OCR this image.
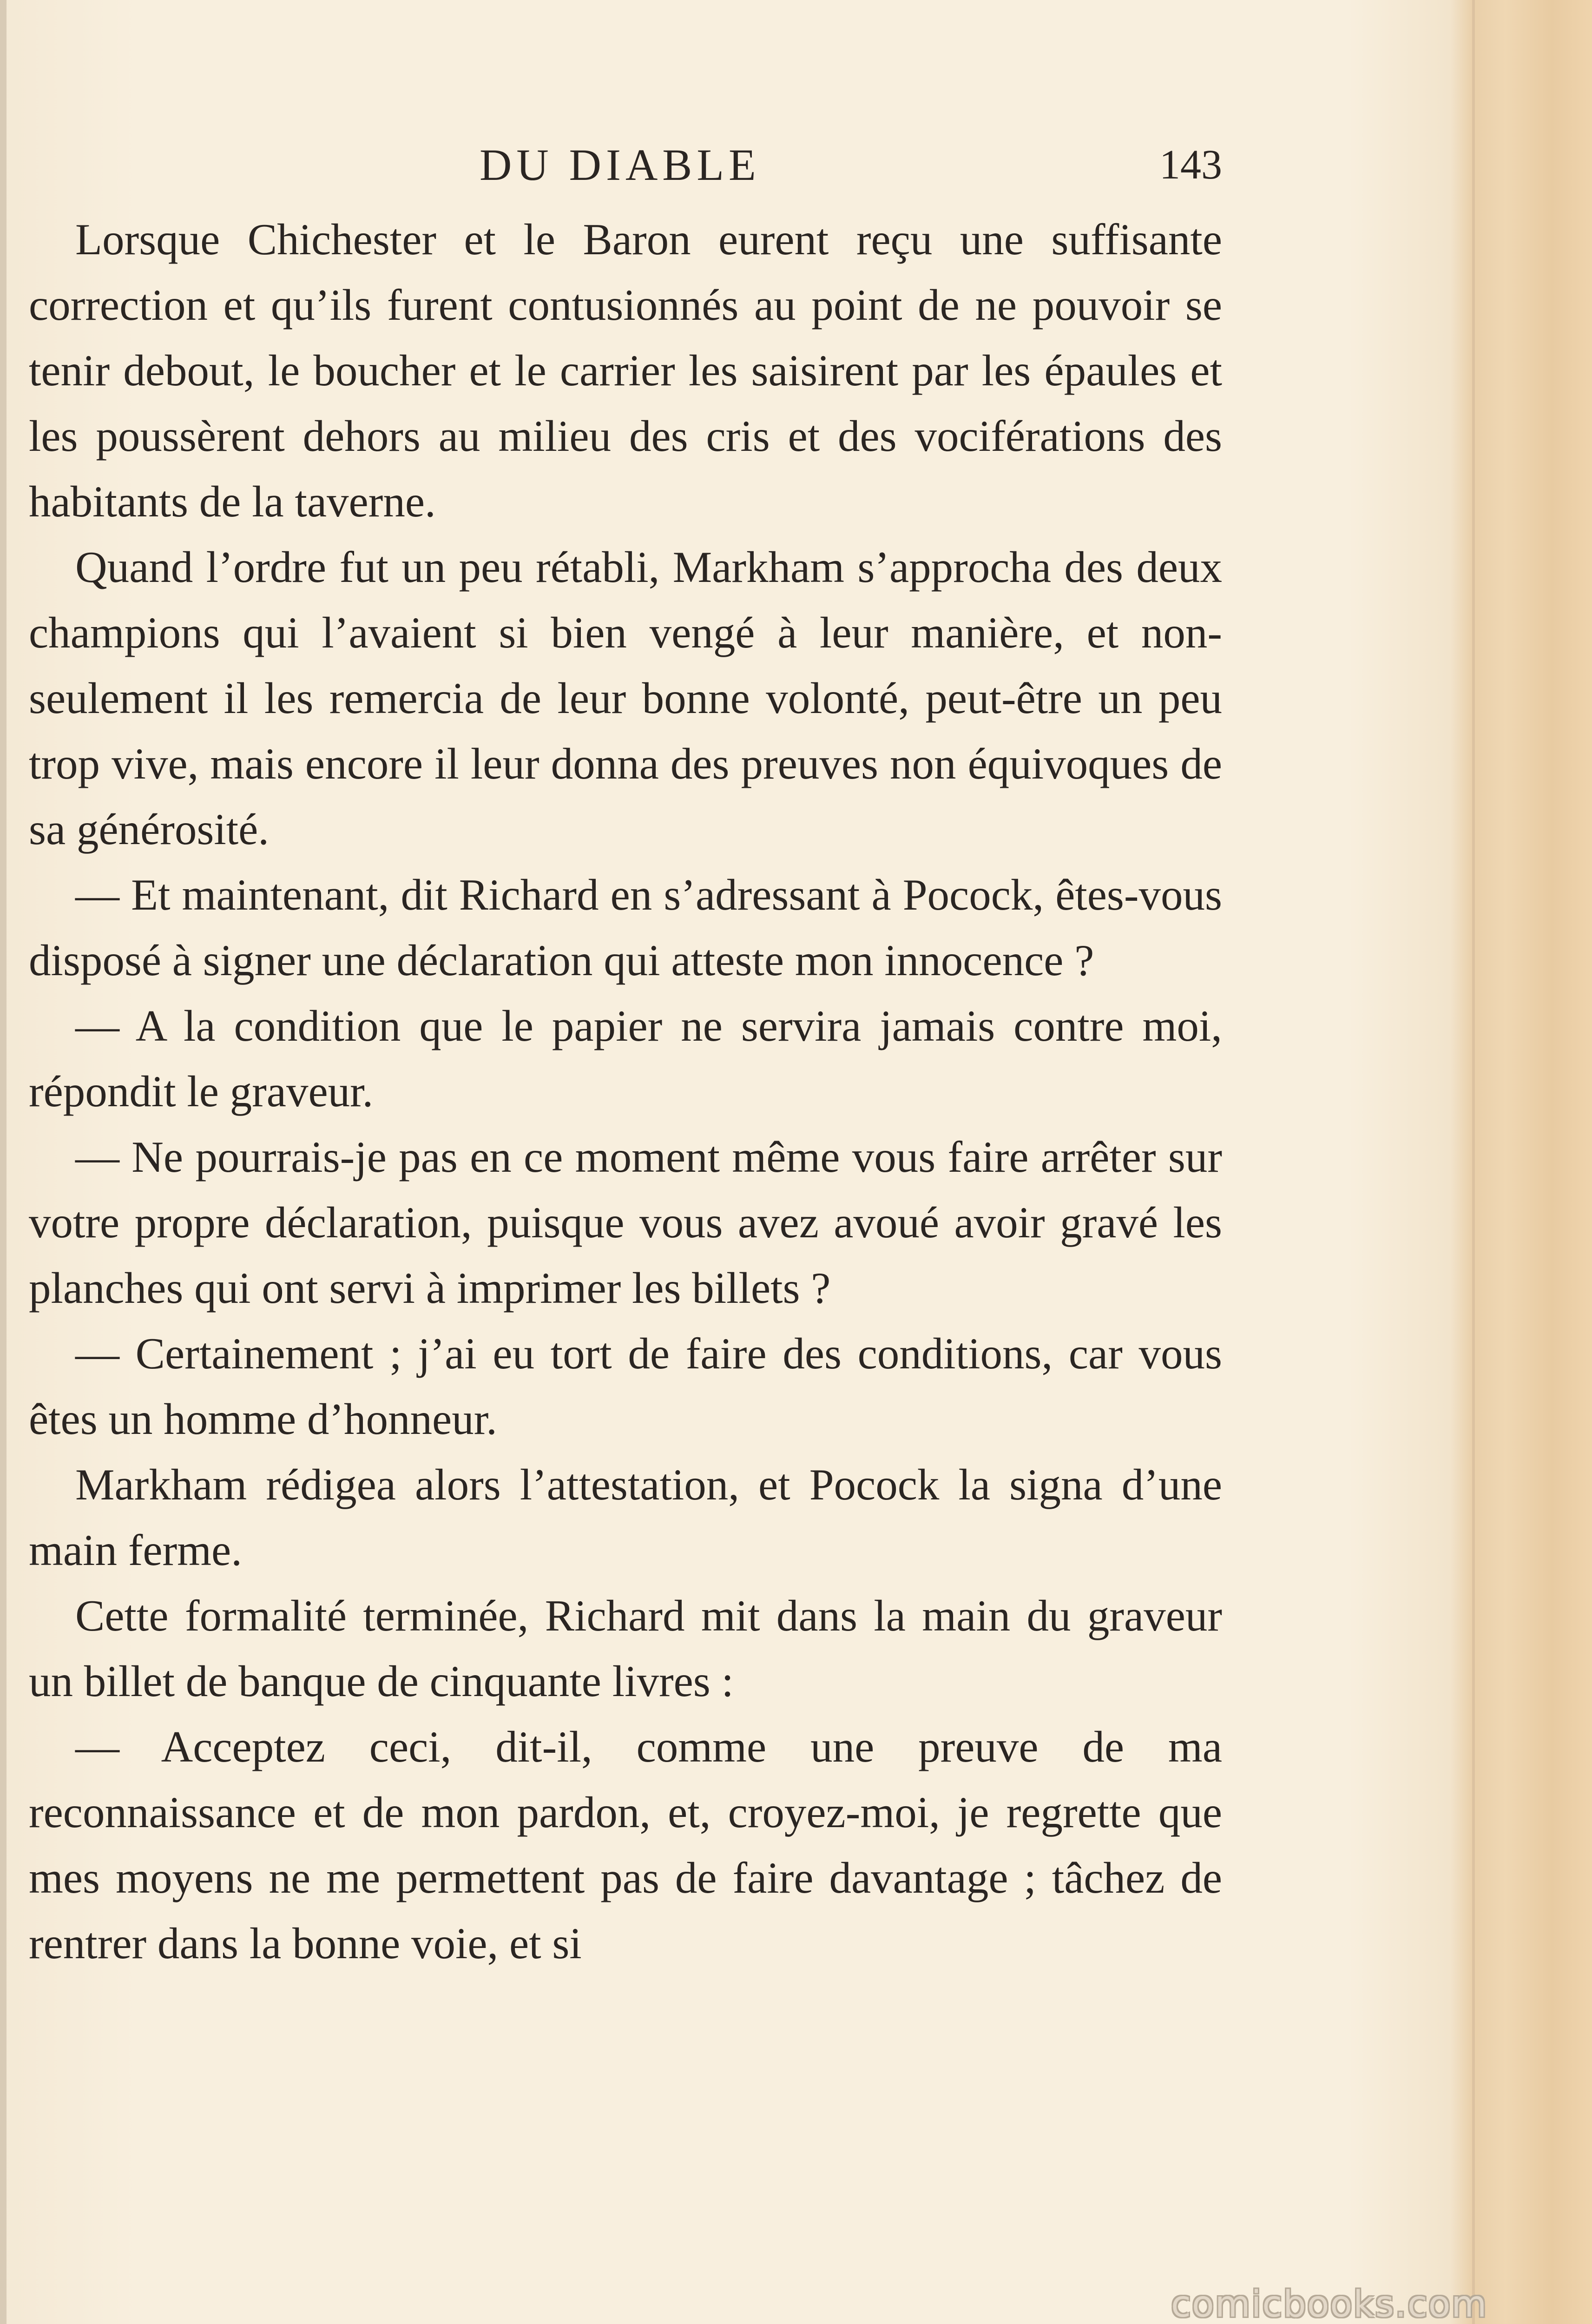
DU DIABLE	143

Lorsque Chichester et le Baron eurent reçu une suffisante correction et qu’ils furent contusionnés au point de ne pouvoir se tenir debout, le boucher et le carrier les saisirent par les épaules et les poussèrent dehors au milieu des cris et des vociférations des habitants de la taverne.

Quand l’ordre fut un peu rétabli, Markham s’approcha des deux champions qui l’avaient si bien vengé à leur manière, et non-seulement il les remercia de leur bonne volonté, peut-être un peu trop vive, mais encore il leur donna des preuves non équivoques de sa générosité.

— Et maintenant, dit Richard en s’adressant à Pocock, êtes-vous disposé à signer une déclaration qui atteste mon innocence ?

— A la condition que le papier ne servira jamais contre moi, répondit le graveur.

— Ne pourrais-je pas en ce moment même vous faire arrêter sur votre propre déclaration, puisque vous avez avoué avoir gravé les planches qui ont servi à imprimer les billets ?

— Certainement ; j’ai eu tort de faire des conditions, car vous êtes un homme d’honneur.

Markham rédigea alors l’attestation, et Pocock la signa d’une main ferme.

Cette formalité terminée, Richard mit dans la main du graveur un billet de banque de cinquante livres :

— Acceptez ceci, dit-il, comme une preuve de ma reconnaissance et de mon pardon, et, croyez-moi, je regrette que mes moyens ne me permettent pas de faire davantage ; tâchez de rentrer dans la bonne voie, et si

comicbooks.com
